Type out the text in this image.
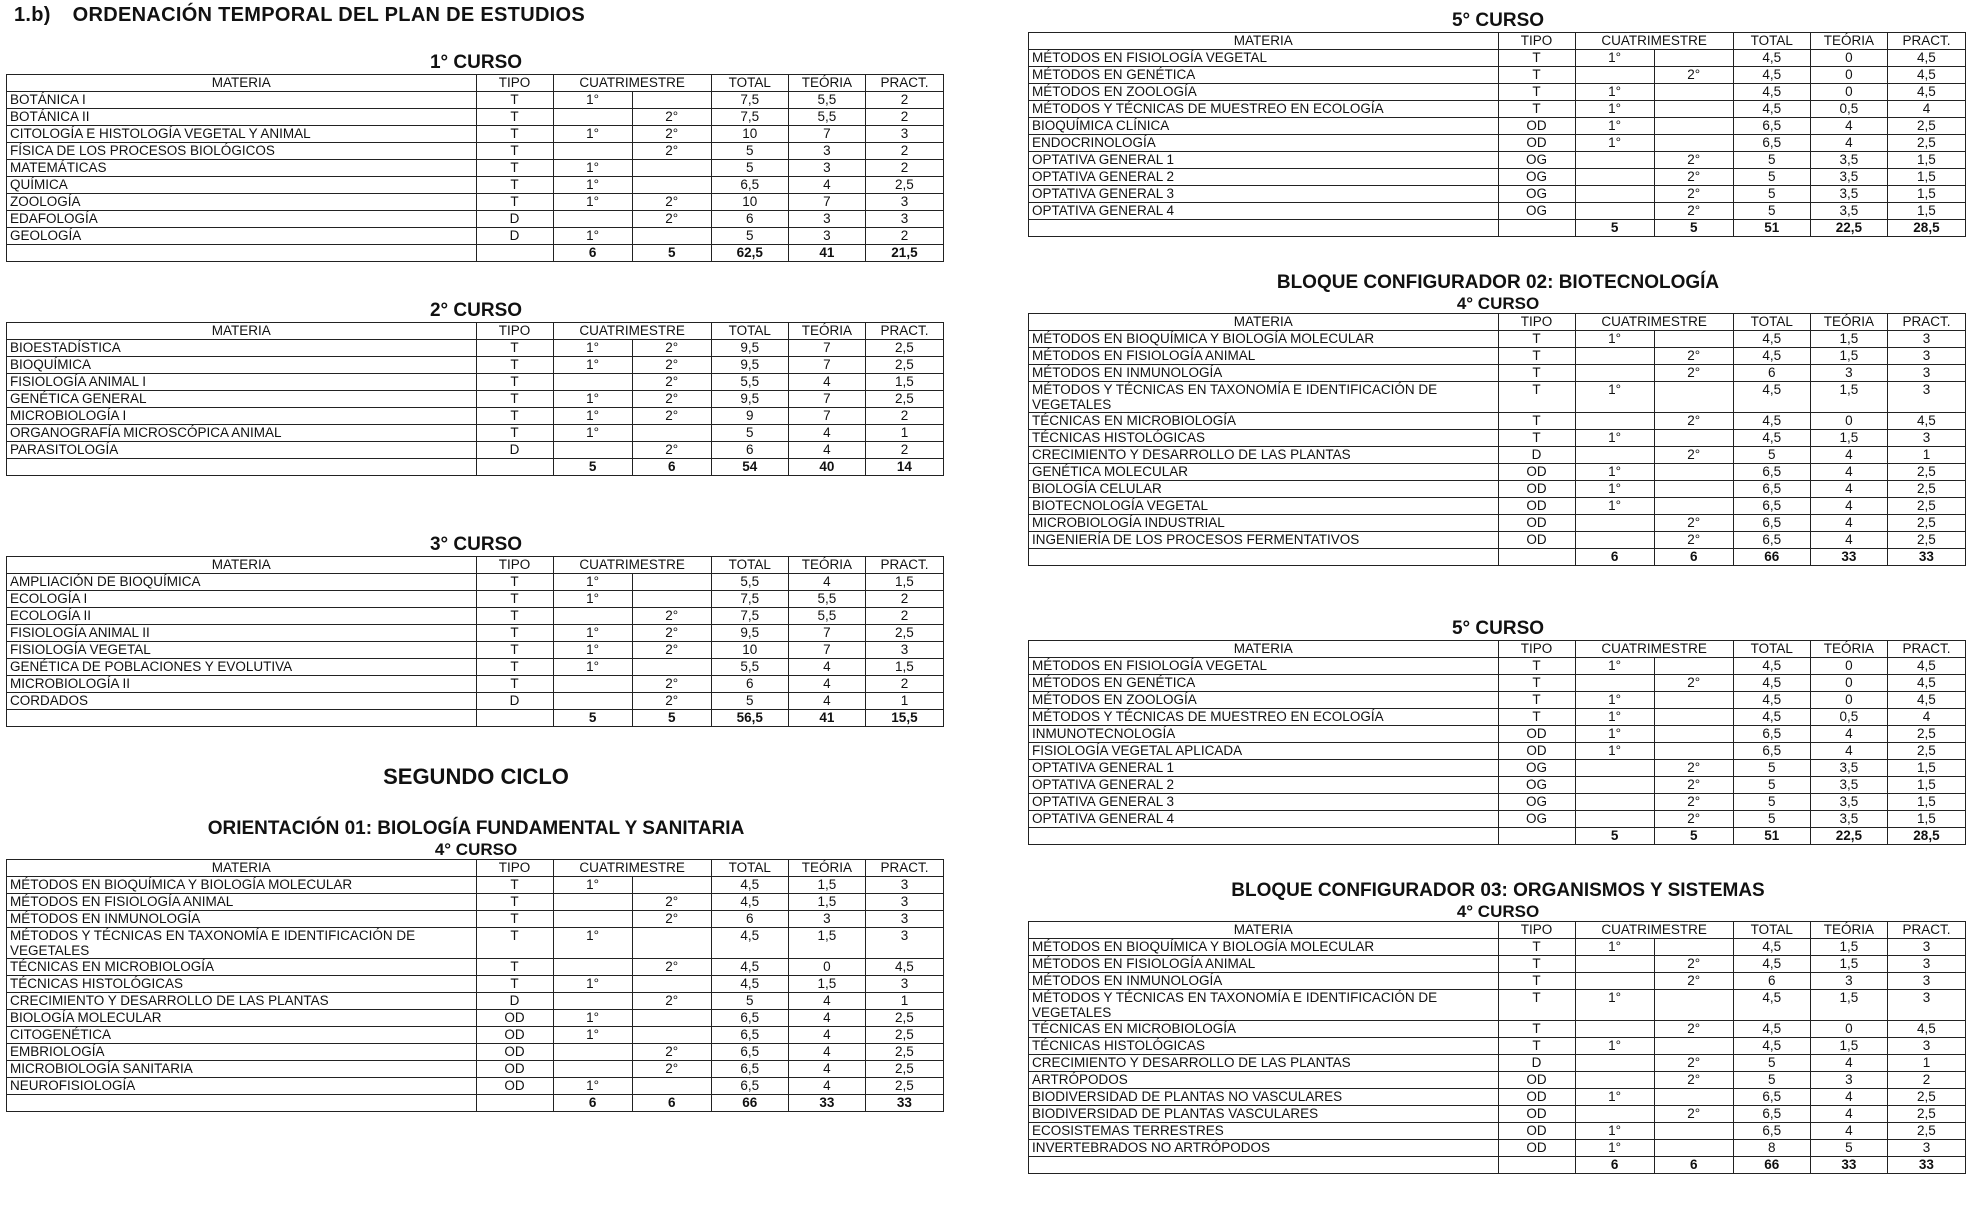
1.b) ORDENACIÓN TEMPORAL DEL PLAN DE ESTUDIOS
1° CURSO
MATERIA	TIPO	CUATRIMESTRE		TOTAL	TEÓRIA	PRACT.
BOTÁNICA I	T	1°		7,5	5,5	2
BOTÁNICA II	T		2°	7,5	5,5	2
CITOLOGÍA E HISTOLOGÍA VEGETAL Y ANIMAL	T	1°	2°	10	7	3
FÍSICA DE LOS PROCESOS BIOLÓGICOS	T		2°	5	3	2
MATEMÁTICAS	T	1°		5	3	2
QUÍMICA	T	1°		6,5	4	2,5
ZOOLOGÍA	T	1°	2°	10	7	3
EDAFOLOGÍA	D		2°	6	3	3
GEOLOGÍA	D	1°		5	3	2
		6	5	62,5	41	21,5
2° CURSO
MATERIA	TIPO	CUATRIMESTRE		TOTAL	TEÓRIA	PRACT.
BIOESTADÍSTICA	T	1°	2°	9,5	7	2,5
BIOQUÍMICA	T	1°	2°	9,5	7	2,5
FISIOLOGÍA ANIMAL I	T		2°	5,5	4	1,5
GENÉTICA GENERAL	T	1°	2°	9,5	7	2,5
MICROBIOLOGÍA I	T	1°	2°	9	7	2
ORGANOGRAFÍA MICROSCÓPICA ANIMAL	T	1°		5	4	1
PARASITOLOGÍA	D		2°	6	4	2
		5	6	54	40	14
3° CURSO
MATERIA	TIPO	CUATRIMESTRE		TOTAL	TEÓRIA	PRACT.
AMPLIACIÓN DE BIOQUÍMICA	T	1°		5,5	4	1,5
ECOLOGÍA I	T	1°		7,5	5,5	2
ECOLOGÍA II	T		2°	7,5	5,5	2
FISIOLOGÍA ANIMAL II	T	1°	2°	9,5	7	2,5
FISIOLOGÍA VEGETAL	T	1°	2°	10	7	3
GENÉTICA DE POBLACIONES Y EVOLUTIVA	T	1°		5,5	4	1,5
MICROBIOLOGÍA II	T		2°	6	4	2
CORDADOS	D		2°	5	4	1
		5	5	56,5	41	15,5
SEGUNDO CICLO
ORIENTACIÓN 01: BIOLOGÍA FUNDAMENTAL Y SANITARIA
4° CURSO
MATERIA	TIPO	CUATRIMESTRE		TOTAL	TEÓRIA	PRACT.
MÉTODOS EN BIOQUÍMICA Y BIOLOGÍA MOLECULAR	T	1°		4,5	1,5	3
MÉTODOS EN FISIOLOGÍA ANIMAL	T		2°	4,5	1,5	3
MÉTODOS EN INMUNOLOGÍA	T		2°	6	3	3
MÉTODOS Y TÉCNICAS EN TAXONOMÍA E IDENTIFICACIÓN DE VEGETALES	T	1°		4,5	1,5	3
TÉCNICAS EN MICROBIOLOGÍA	T		2°	4,5	0	4,5
TÉCNICAS HISTOLÓGICAS	T	1°		4,5	1,5	3
CRECIMIENTO Y DESARROLLO DE LAS PLANTAS	D		2°	5	4	1
BIOLOGÍA MOLECULAR	OD	1°		6,5	4	2,5
CITOGENÉTICA	OD	1°		6,5	4	2,5
EMBRIOLOGÍA	OD		2°	6,5	4	2,5
MICROBIOLOGÍA SANITARIA	OD		2°	6,5	4	2,5
NEUROFISIOLOGÍA	OD	1°		6,5	4	2,5
		6	6	66	33	33
5° CURSO
MATERIA	TIPO	CUATRIMESTRE		TOTAL	TEÓRIA	PRACT.
MÉTODOS EN FISIOLOGÍA VEGETAL	T	1°		4,5	0	4,5
MÉTODOS EN GENÉTICA	T		2°	4,5	0	4,5
MÉTODOS EN ZOOLOGÍA	T	1°		4,5	0	4,5
MÉTODOS Y TÉCNICAS DE MUESTREO EN ECOLOGÍA	T	1°		4,5	0,5	4
BIOQUÍMICA CLÍNICA	OD	1°		6,5	4	2,5
ENDOCRINOLOGÍA	OD	1°		6,5	4	2,5
OPTATIVA GENERAL 1	OG		2°	5	3,5	1,5
OPTATIVA GENERAL 2	OG		2°	5	3,5	1,5
OPTATIVA GENERAL 3	OG		2°	5	3,5	1,5
OPTATIVA GENERAL 4	OG		2°	5	3,5	1,5
		5	5	51	22,5	28,5
BLOQUE CONFIGURADOR 02: BIOTECNOLOGÍA
4° CURSO
MATERIA	TIPO	CUATRIMESTRE		TOTAL	TEÓRIA	PRACT.
MÉTODOS EN BIOQUÍMICA Y BIOLOGÍA MOLECULAR	T	1°		4,5	1,5	3
MÉTODOS EN FISIOLOGÍA ANIMAL	T		2°	4,5	1,5	3
MÉTODOS EN INMUNOLOGÍA	T		2°	6	3	3
MÉTODOS Y TÉCNICAS EN TAXONOMÍA E IDENTIFICACIÓN DE VEGETALES	T	1°		4,5	1,5	3
TÉCNICAS EN MICROBIOLOGÍA	T		2°	4,5	0	4,5
TÉCNICAS HISTOLÓGICAS	T	1°		4,5	1,5	3
CRECIMIENTO Y DESARROLLO DE LAS PLANTAS	D		2°	5	4	1
GENÉTICA MOLECULAR	OD	1°		6,5	4	2,5
BIOLOGÍA CELULAR	OD	1°		6,5	4	2,5
BIOTECNOLOGÍA VEGETAL	OD	1°		6,5	4	2,5
MICROBIOLOGÍA INDUSTRIAL	OD		2°	6,5	4	2,5
INGENIERÍA DE LOS PROCESOS FERMENTATIVOS	OD		2°	6,5	4	2,5
		6	6	66	33	33
5° CURSO
MATERIA	TIPO	CUATRIMESTRE		TOTAL	TEÓRIA	PRACT.
MÉTODOS EN FISIOLOGÍA VEGETAL	T	1°		4,5	0	4,5
MÉTODOS EN GENÉTICA	T		2°	4,5	0	4,5
MÉTODOS EN ZOOLOGÍA	T	1°		4,5	0	4,5
MÉTODOS Y TÉCNICAS DE MUESTREO EN ECOLOGÍA	T	1°		4,5	0,5	4
INMUNOTECNOLOGÍA	OD	1°		6,5	4	2,5
FISIOLOGÍA VEGETAL APLICADA	OD	1°		6,5	4	2,5
OPTATIVA GENERAL 1	OG		2°	5	3,5	1,5
OPTATIVA GENERAL 2	OG		2°	5	3,5	1,5
OPTATIVA GENERAL 3	OG		2°	5	3,5	1,5
OPTATIVA GENERAL 4	OG		2°	5	3,5	1,5
		5	5	51	22,5	28,5
BLOQUE CONFIGURADOR 03: ORGANISMOS Y SISTEMAS
4° CURSO
MATERIA	TIPO	CUATRIMESTRE		TOTAL	TEÓRIA	PRACT.
MÉTODOS EN BIOQUÍMICA Y BIOLOGÍA MOLECULAR	T	1°		4,5	1,5	3
MÉTODOS EN FISIOLOGÍA ANIMAL	T		2°	4,5	1,5	3
MÉTODOS EN INMUNOLOGÍA	T		2°	6	3	3
MÉTODOS Y TÉCNICAS EN TAXONOMÍA E IDENTIFICACIÓN DE VEGETALES	T	1°		4,5	1,5	3
TÉCNICAS EN MICROBIOLOGÍA	T		2°	4,5	0	4,5
TÉCNICAS HISTOLÓGICAS	T	1°		4,5	1,5	3
CRECIMIENTO Y DESARROLLO DE LAS PLANTAS	D		2°	5	4	1
ARTRÓPODOS	OD		2°	5	3	2
BIODIVERSIDAD DE PLANTAS NO VASCULARES	OD	1°		6,5	4	2,5
BIODIVERSIDAD DE PLANTAS VASCULARES	OD		2°	6,5	4	2,5
ECOSISTEMAS TERRESTRES	OD	1°		6,5	4	2,5
INVERTEBRADOS NO ARTRÓPODOS	OD	1°		8	5	3
		6	6	66	33	33
